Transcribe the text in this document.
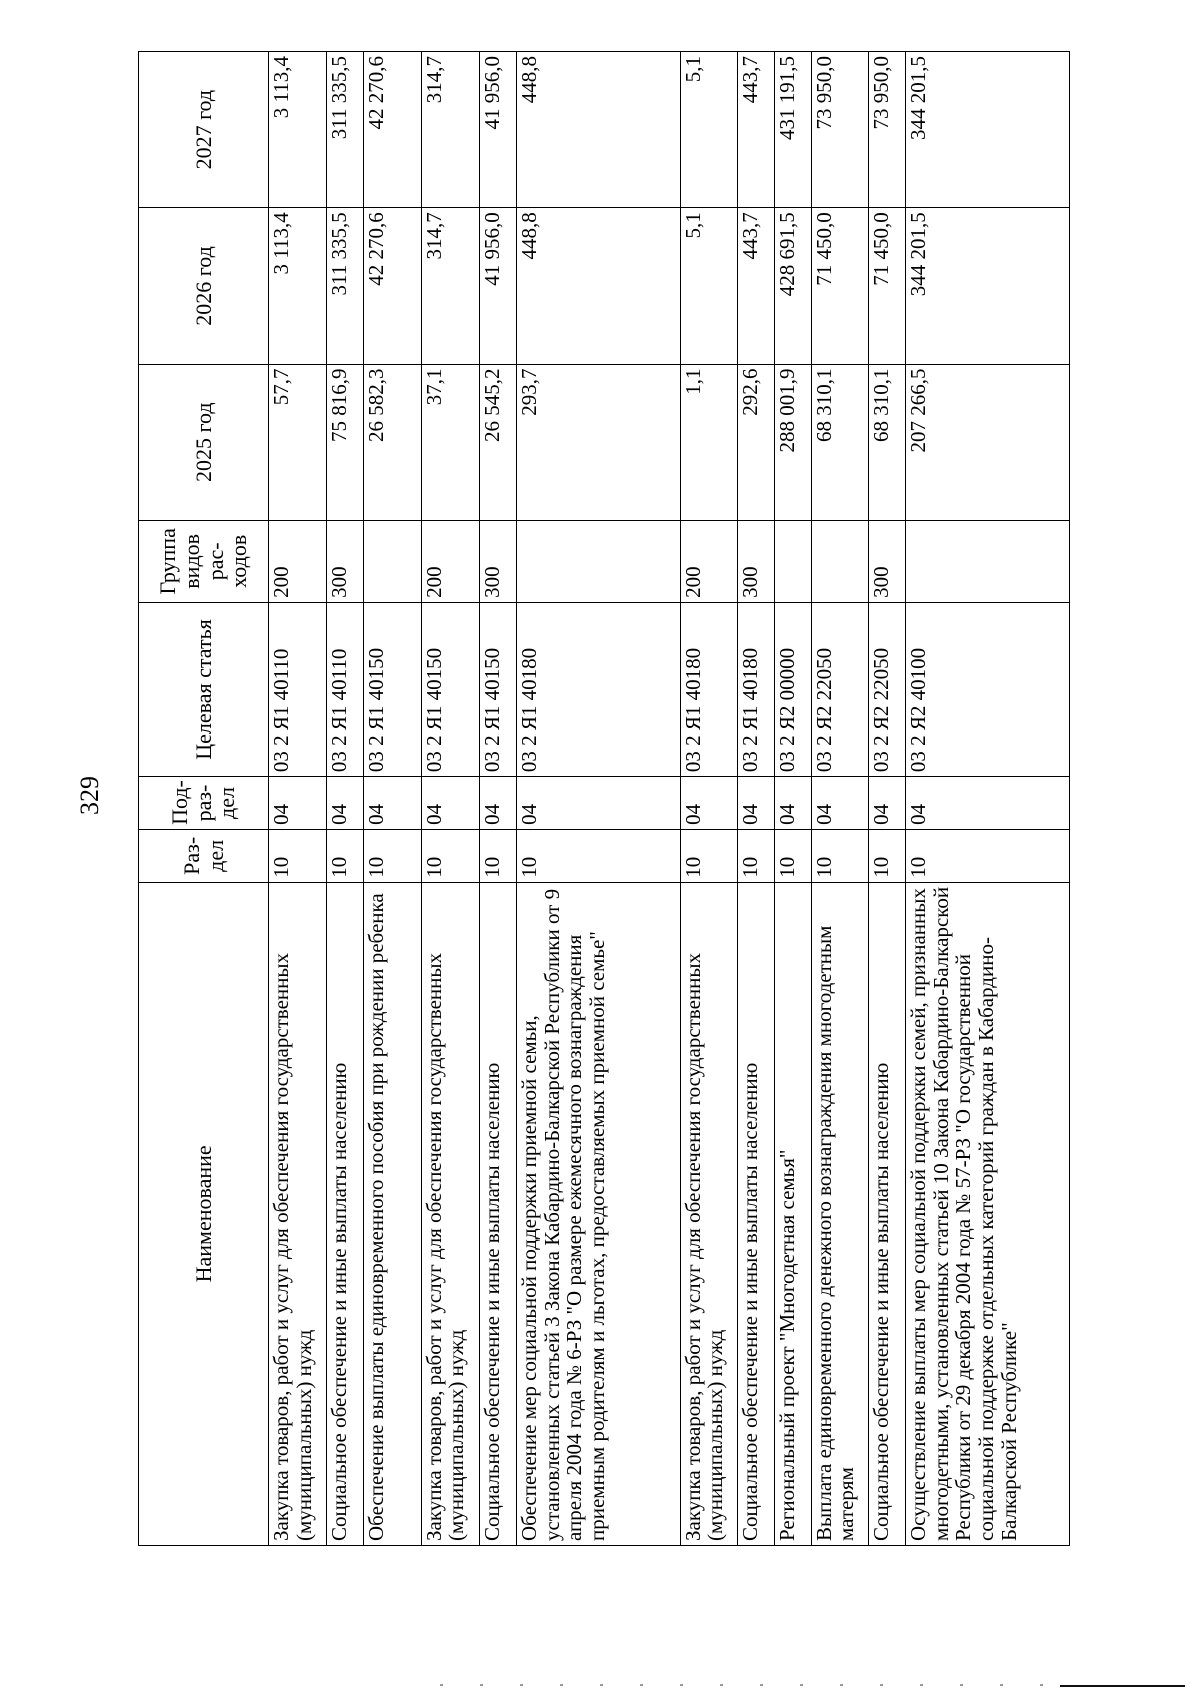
329
Наименование	Раз-дел	Под-раз-дел	Целевая статья	Группа видов рас-ходов	2025 год	2026 год	2027 год
Закупка товаров, работ и услуг для обеспечения государственных (муниципальных) нужд	10	04	03 2 Я1 40110	200	57,7	3 113,4	3 113,4
Социальное обеспечение и иные выплаты населению	10	04	03 2 Я1 40110	300	75 816,9	311 335,5	311 335,5
Обеспечение выплаты единовременного пособия при рождении ребенка	10	04	03 2 Я1 40150		26 582,3	42 270,6	42 270,6
Закупка товаров, работ и услуг для обеспечения государственных (муниципальных) нужд	10	04	03 2 Я1 40150	200	37,1	314,7	314,7
Социальное обеспечение и иные выплаты населению	10	04	03 2 Я1 40150	300	26 545,2	41 956,0	41 956,0
Обеспечение мер социальной поддержки приемной семьи, установленных статьей 3 Закона Кабардино-Балкарской Республики от 9 апреля 2004 года № 6-РЗ "О размере ежемесячного вознаграждения приемным родителям и льготах, предоставляемых приемной семье"	10	04	03 2 Я1 40180		293,7	448,8	448,8
Закупка товаров, работ и услуг для обеспечения государственных (муниципальных) нужд	10	04	03 2 Я1 40180	200	1,1	5,1	5,1
Социальное обеспечение и иные выплаты населению	10	04	03 2 Я1 40180	300	292,6	443,7	443,7
Региональный проект "Многодетная семья"	10	04	03 2 Я2 00000		288 001,9	428 691,5	431 191,5
Выплата единовременного денежного вознаграждения многодетным матерям	10	04	03 2 Я2 22050		68 310,1	71 450,0	73 950,0
Социальное обеспечение и иные выплаты населению	10	04	03 2 Я2 22050	300	68 310,1	71 450,0	73 950,0
Осуществление выплаты мер социальной поддержки семей, признанных многодетными, установленных статьей 10 Закона Кабардино-Балкарской Республики от 29 декабря 2004 года № 57-РЗ "О государственной социальной поддержке отдельных категорий граждан в Кабардино-Балкарской Республике"	10	04	03 2 Я2 40100		207 266,5	344 201,5	344 201,5
